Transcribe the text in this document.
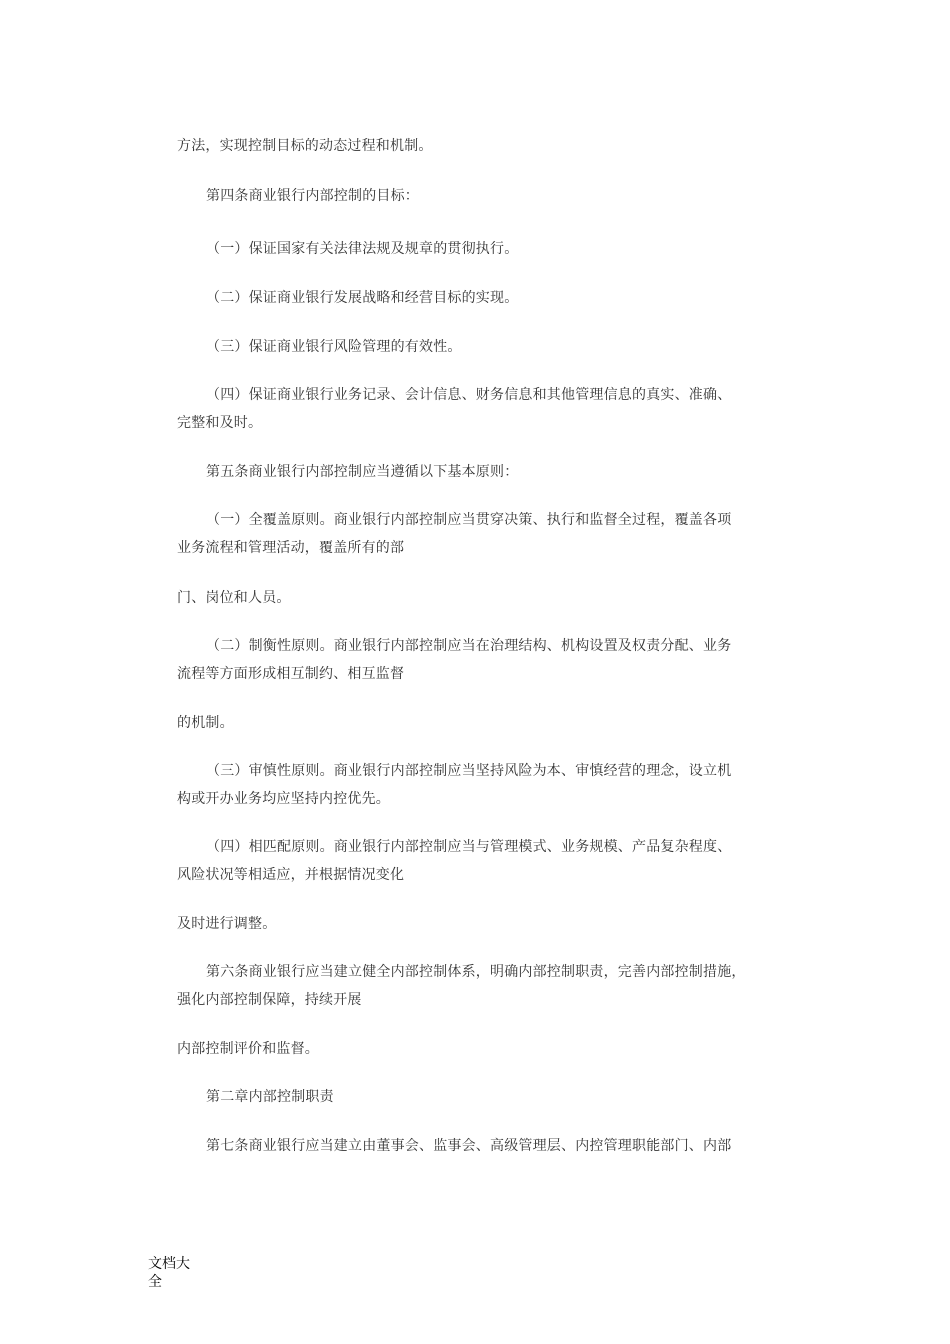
方法，实现控制目标的动态过程和机制。
第四条商业银行内部控制的目标：
（一）保证国家有关法律法规及规章的贯彻执行。
（二）保证商业银行发展战略和经营目标的实现。
（三）保证商业银行风险管理的有效性。
（四）保证商业银行业务记录、会计信息、财务信息和其他管理信息的真实、准确、
完整和及时。
第五条商业银行内部控制应当遵循以下基本原则：
（一）全覆盖原则。商业银行内部控制应当贯穿决策、执行和监督全过程，覆盖各项
业务流程和管理活动，覆盖所有的部
门、岗位和人员。
（二）制衡性原则。商业银行内部控制应当在治理结构、机构设置及权责分配、业务
流程等方面形成相互制约、相互监督
的机制。
（三）审慎性原则。商业银行内部控制应当坚持风险为本、审慎经营的理念，设立机
构或开办业务均应坚持内控优先。
（四）相匹配原则。商业银行内部控制应当与管理模式、业务规模、产品复杂程度、
风险状况等相适应，并根据情况变化
及时进行调整。
第六条商业银行应当建立健全内部控制体系，明确内部控制职责，完善内部控制措施，
强化内部控制保障，持续开展
内部控制评价和监督。
第二章内部控制职责
第七条商业银行应当建立由董事会、监事会、高级管理层、内控管理职能部门、内部
文档大全
